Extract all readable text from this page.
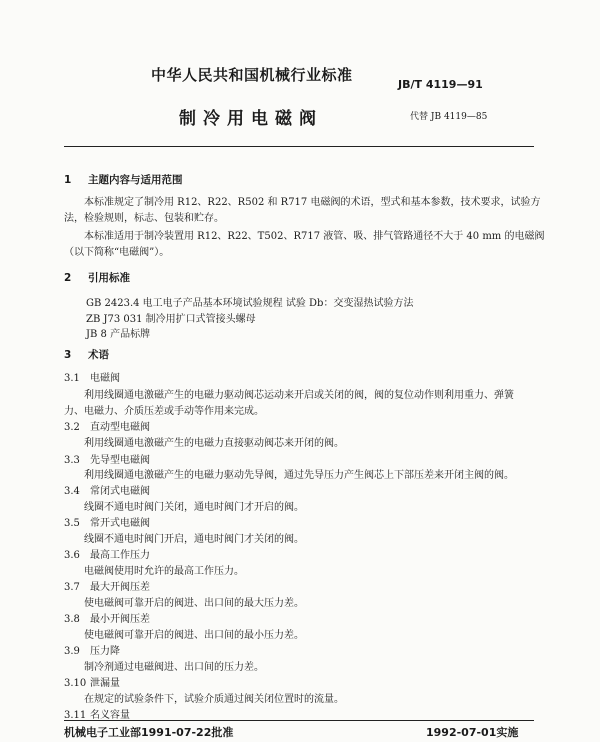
中华人民共和国机械行业标准
JB/T 4119—91
制冷用电磁阀	代替 JB 4119—85
1 主题内容与适用范围
本标准规定了制冷用 R12、R22、R502 和 R717 电磁阀的术语，型式和基本参数，技术要求，试验方
法，检验规则，标志、包装和贮存。
本标准适用于制冷装置用 R12、R22、T502、R717 液管、吸、排气管路通径不大于 40 mm 的电磁阀
（以下简称“电磁阀”）。
2 引用标准
GB 2423.4 电工电子产品基本环境试验规程 试验 Db：交变湿热试验方法
ZB J73 031 制冷用扩口式管接头螺母
JB 8 产品标牌
3 术语
3.1 电磁阀
利用线圈通电激磁产生的电磁力驱动阀芯运动来开启或关闭的阀，阀的复位动作则利用重力、弹簧
力、电磁力、介质压差或手动等作用来完成。
3.2 直动型电磁阀
利用线圈通电激磁产生的电磁力直接驱动阀芯来开闭的阀。
3.3 先导型电磁阀
利用线圈通电激磁产生的电磁力驱动先导阀，通过先导压力产生阀芯上下部压差来开闭主阀的阀。
3.4 常闭式电磁阀
线圈不通电时阀门关闭，通电时阀门才开启的阀。
3.5 常开式电磁阀
线圈不通电时阀门开启，通电时阀门才关闭的阀。
3.6 最高工作压力
电磁阀使用时允许的最高工作压力。
3.7 最大开阀压差
使电磁阀可靠开启的阀进、出口间的最大压力差。
3.8 最小开阀压差
使电磁阀可靠开启的阀进、出口间的最小压力差。
3.9 压力降
制冷剂通过电磁阀进、出口间的压力差。
3.10 泄漏量
在规定的试验条件下，试验介质通过阀关闭位置时的流量。
3.11 名义容量
机械电子工业部1991-07-22批准	1992-07-01实施
